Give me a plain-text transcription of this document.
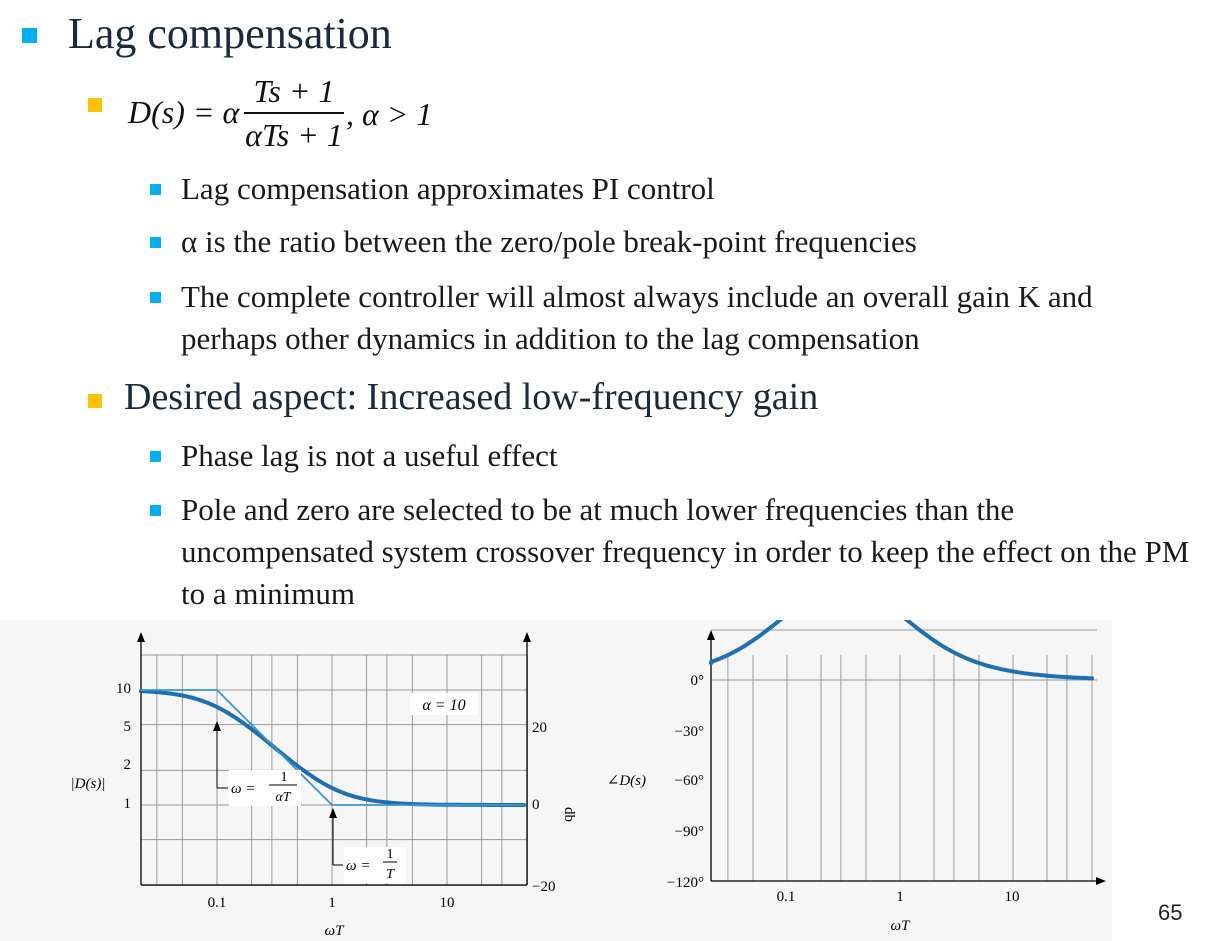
Lag compensation
D(s) = α
Ts + 1
αTs + 1
, α > 1
Lag compensation approximates PI control
α is the ratio between the zero/pole break-point frequencies
The complete controller will almost always include an overall gain K and perhaps other dynamics in addition to the lag compensation
Desired aspect: Increased low-frequency gain
Phase lag is not a useful effect
Pole and zero are selected to be at much lower frequencies than the uncompensated system crossover frequency in order to keep the effect on the PM to a minimum
10
5
2
1
|D(s)|
20
0
−20
db
0.1	1	10
ωT
α = 10
ω =
1
αT
ω =
1
T
0°
−30°
−60°
−90°
−120°
∠D(s)
0.1	1	10
ωT
65
